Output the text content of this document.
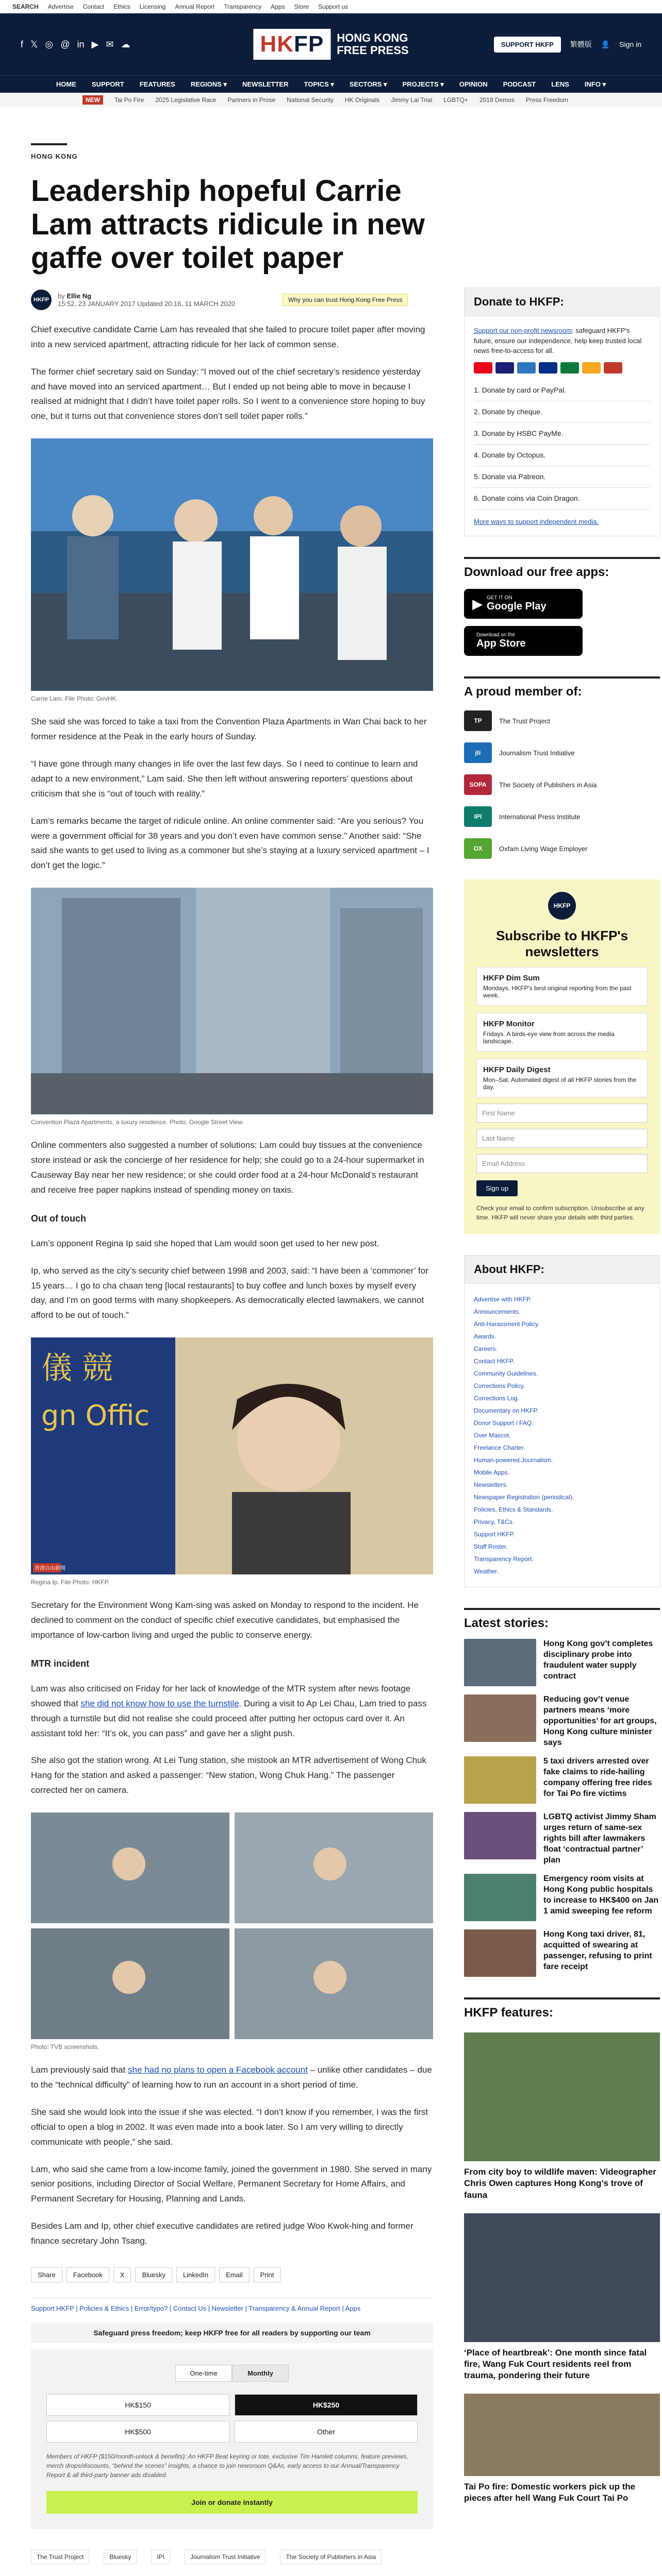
SEARCH Advertise Contact Ethics Licensing Annual Report Transparency Apps Store Support us
f 𝕏 ◎ @ in ▶ ✉ ☁	HKFP	HONG KONG
FREE PRESS	SUPPORT HKFP	繁體版 👤 Sign in
HOME SUPPORT FEATURES REGIONS ▾ NEWSLETTER TOPICS ▾ SECTORS ▾ PROJECTS ▾ OPINION PODCAST LENS INFO ▾
NEW	Tai Po Fire 2025 Legislative Race Partners in Prose National Security HK Originals Jimmy Lai Trial LGBTQ+ 2019 Demos Press Freedom
HONG KONG
Leadership hopeful Carrie Lam attracts ridicule in new gaffe over toilet paper
HKFP	by Ellie Ng
15:52, 23 JANUARY 2017 Updated 20:16, 11 MARCH 2020	Why you can trust Hong Kong Free Press

Chief executive candidate Carrie Lam has revealed that she failed to procure toilet paper after moving into a new serviced apartment, attracting ridicule for her lack of common sense.

The former chief secretary said on Sunday: “I moved out of the chief secretary’s residence yesterday and have moved into an serviced apartment… But I ended up not being able to move in because I realised at midnight that I didn’t have toilet paper rolls. So I went to a convenience store hoping to buy one, but it turns out that convenience stores don’t sell toilet paper rolls.”

Carrie Lam. File Photo: GovHK.

She said she was forced to take a taxi from the Convention Plaza Apartments in Wan Chai back to her former residence at the Peak in the early hours of Sunday.

“I have gone through many changes in life over the last few days. So I need to continue to learn and adapt to a new environment,” Lam said. She then left without answering reporters’ questions about criticism that she is “out of touch with reality.”

Lam’s remarks became the target of ridicule online. An online commenter said: “Are you serious? You were a government official for 38 years and you don’t even have common sense.” Another said: “She said she wants to get used to living as a commoner but she’s staying at a luxury serviced apartment – I don’t get the logic.”

Convention Plaza Apartments, a luxury residence. Photo: Google Street View.

Online commenters also suggested a number of solutions: Lam could buy tissues at the convenience store instead or ask the concierge of her residence for help; she could go to a 24-hour supermarket in Causeway Bay near her new residence; or she could order food at a 24-hour McDonald’s restaurant and receive free paper napkins instead of spending money on taxis.

Out of touch

Lam’s opponent Regina Ip said she hoped that Lam would soon get used to her new post.

Ip, who served as the city’s security chief between 1998 and 2003, said: “I have been a ‘commoner’ for 15 years… I go to cha chaan teng [local restaurants] to buy coffee and lunch boxes by myself every day, and I’m on good terms with many shopkeepers. As democratically elected lawmakers, we cannot afford to be out of touch.”

儀 競
gn Offic
香港自由新聞
Regina Ip. File Photo: HKFP.

Secretary for the Environment Wong Kam-sing was asked on Monday to respond to the incident. He declined to comment on the conduct of specific chief executive candidates, but emphasised the importance of low-carbon living and urged the public to conserve energy.

MTR incident

Lam was also criticised on Friday for her lack of knowledge of the MTR system after news footage showed that she did not know how to use the turnstile. During a visit to Ap Lei Chau, Lam tried to pass through a turnstile but did not realise she could proceed after putting her octopus card over it. An assistant told her: “It’s ok, you can pass” and gave her a slight push.

She also got the station wrong. At Lei Tung station, she mistook an MTR advertisement of Wong Chuk Hang for the station and asked a passenger: “New station, Wong Chuk Hang.” The passenger corrected her on camera.

Photo: TVB screenshots.

Lam previously said that she had no plans to open a Facebook account – unlike other candidates – due to the “technical difficulty” of learning how to run an account in a short period of time.

She said she would look into the issue if she was elected. “I don’t know if you remember, I was the first official to open a blog in 2002. It was even made into a book later. So I am very willing to directly communicate with people,” she said.

Lam, who said she came from a low-income family, joined the government in 1980. She served in many senior positions, including Director of Social Welfare, Permanent Secretary for Home Affairs, and Permanent Secretary for Housing, Planning and Lands.

Besides Lam and Ip, other chief executive candidates are retired judge Woo Kwok-hing and former finance secretary John Tsang.

Share	Facebook	X	Bluesky	LinkedIn	Email	Print
Support HKFP | Policies & Ethics | Error/typo? | Contact Us | Newsletter | Transparency & Annual Report | Apps
Safeguard press freedom; keep HKFP free for all readers by supporting our team
One-time	Monthly
HK$150	HK$250
HK$500	Other
Members of HKFP ($150/month-unlock & benefits): An HKFP Beat keyring or tote, exclusive Tim Hamlett columns, feature previews, merch drops/discounts, “behind the scenes” insights, a chance to join newsroom Q&As, early access to our Annual/Transparency Report & all third-party banner ads disabled.
Join or donate instantly
The Trust Project	Bluesky	IPI	Journalism Trust Initiative	The Society of Publishers in Asia
Donate to HKFP:
Support our non-profit newsroom: safeguard HKFP's future, ensure our independence, help keep trusted local news free-to-access for all.
1. Donate by card or PayPal.
2. Donate by cheque.
3. Donate by HSBC PayMe.
4. Donate by Octopus.
5. Donate via Patreon.
6. Donate coins via Coin Dragon.
More ways to support independent media.
Download our free apps:
▶ GET IT ON
Google Play

Download on the
App Store
A proud member of:
TP	The Trust Project
jti	Journalism Trust Initiative
SOPA	The Society of Publishers in Asia
IPI	International Press Institute
OX	Oxfam Living Wage Employer
HKFP
Subscribe to HKFP's newsletters
HKFP Dim Sum
Mondays. HKFP's best original reporting from the past week.
HKFP Monitor
Fridays. A birds-eye view from across the media landscape.
HKFP Daily Digest
Mon–Sat. Automated digest of all HKFP stories from the day.
First Name
Last Name
Email Address
Sign up
Check your email to confirm subscription. Unsubscribe at any time. HKFP will never share your details with third parties.
About HKFP:
Advertise with HKFP.
Announcements.
Anti-Harassment Policy.
Awards.
Careers.
Contact HKFP.
Community Guidelines.
Corrections Policy.
Corrections Log.
Documentary on HKFP.
Donor Support / FAQ.
Over Mascot.
Freelance Charter.
Human-powered Journalism.
Mobile Apps.
Newsletters.
Newspaper Registration (periodical).
Policies, Ethics & Standards.
Privacy, T&Cs.
Support HKFP.
Staff Roster.
Transparency Report.
Weather.
Latest stories:
Hong Kong gov’t completes disciplinary probe into fraudulent water supply contract
Reducing gov’t venue partners means ‘more opportunities’ for art groups, Hong Kong culture minister says
5 taxi drivers arrested over fake claims to ride-hailing company offering free rides for Tai Po fire victims
LGBTQ activist Jimmy Sham urges return of same-sex rights bill after lawmakers float ‘contractual partner’ plan
Emergency room visits at Hong Kong public hospitals to increase to HK$400 on Jan 1 amid sweeping fee reform
Hong Kong taxi driver, 81, acquitted of swearing at passenger, refusing to print fare receipt
HKFP features:
From city boy to wildlife maven: Videographer Chris Owen captures Hong Kong’s trove of fauna
‘Place of heartbreak’: One month since fatal fire, Wang Fuk Court residents reel from trauma, pondering their future
Tai Po fire: Domestic workers pick up the pieces after hell Wang Fuk Court Tai Po
